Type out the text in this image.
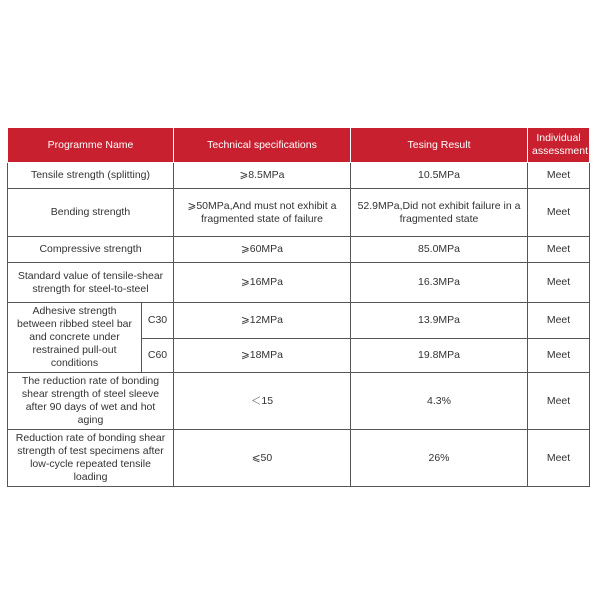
Programme Name		Technical specifications	Tesing Result	Individual assessment
Tensile strength (splitting)		⩾8.5MPa	10.5MPa	Meet
Bending strength		⩾50MPa,And must not exhibit a fragmented state of failure	52.9MPa,Did not exhibit failure in a fragmented state	Meet
Compressive strength		⩾60MPa	85.0MPa	Meet
Standard value of tensile-shear strength for steel-to-steel		⩾16MPa	16.3MPa	Meet
Adhesive strength between ribbed steel bar and concrete under restrained pull-out conditions	C30	⩾12MPa	13.9MPa	Meet
	C60	⩾18MPa	19.8MPa	Meet
The reduction rate of bonding shear strength of steel sleeve after 90 days of wet and hot aging		＜15	4.3%	Meet
Reduction rate of bonding shear strength of test specimens after low-cycle repeated tensile loading		⩽50	26%	Meet
